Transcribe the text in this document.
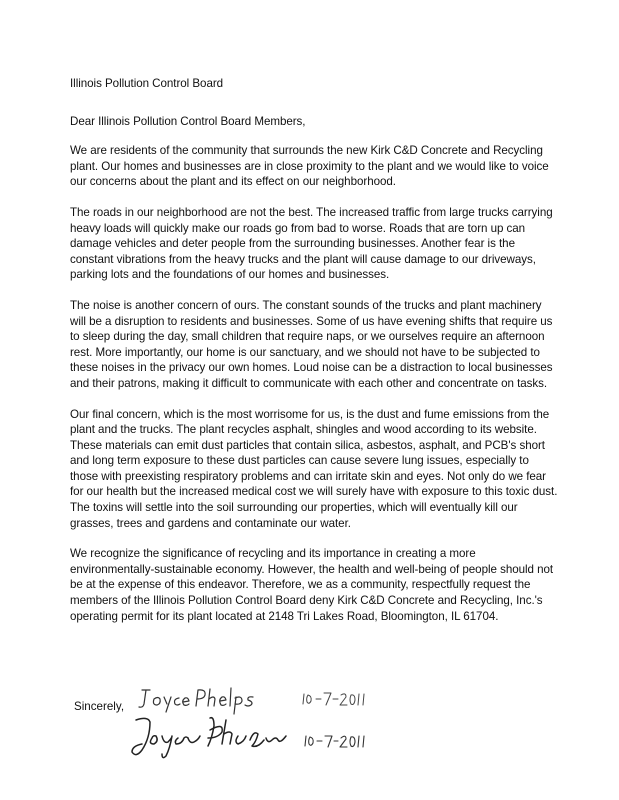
Illinois Pollution Control Board
Dear Illinois Pollution Control Board Members,

We are residents of the community that surrounds the new Kirk C&D Concrete and Recycling plant. Our homes and businesses are in close proximity to the plant and we would like to voice our concerns about the plant and its effect on our neighborhood.

The roads in our neighborhood are not the best. The increased traffic from large trucks carrying heavy loads will quickly make our roads go from bad to worse. Roads that are torn up can damage vehicles and deter people from the surrounding businesses. Another fear is the constant vibrations from the heavy trucks and the plant will cause damage to our driveways, parking lots and the foundations of our homes and businesses.

The noise is another concern of ours. The constant sounds of the trucks and plant machinery will be a disruption to residents and businesses. Some of us have evening shifts that require us to sleep during the day, small children that require naps, or we ourselves require an afternoon rest. More importantly, our home is our sanctuary, and we should not have to be subjected to these noises in the privacy our own homes. Loud noise can be a distraction to local businesses and their patrons, making it difficult to communicate with each other and concentrate on tasks.

Our final concern, which is the most worrisome for us, is the dust and fume emissions from the plant and the trucks. The plant recycles asphalt, shingles and wood according to its website. These materials can emit dust particles that contain silica, asbestos, asphalt, and PCB's short and long term exposure to these dust particles can cause severe lung issues, especially to those with preexisting respiratory problems and can irritate skin and eyes. Not only do we fear for our health but the increased medical cost we will surely have with exposure to this toxic dust. The toxins will settle into the soil surrounding our properties, which will eventually kill our grasses, trees and gardens and contaminate our water.

We recognize the significance of recycling and its importance in creating a more environmentally-sustainable economy. However, the health and well-being of people should not be at the expense of this endeavor. Therefore, we as a community, respectfully request the members of the Illinois Pollution Control Board deny Kirk C&D Concrete and Recycling, Inc.'s operating permit for its plant located at 2148 Tri Lakes Road, Bloomington, IL 61704.

Sincerely,
